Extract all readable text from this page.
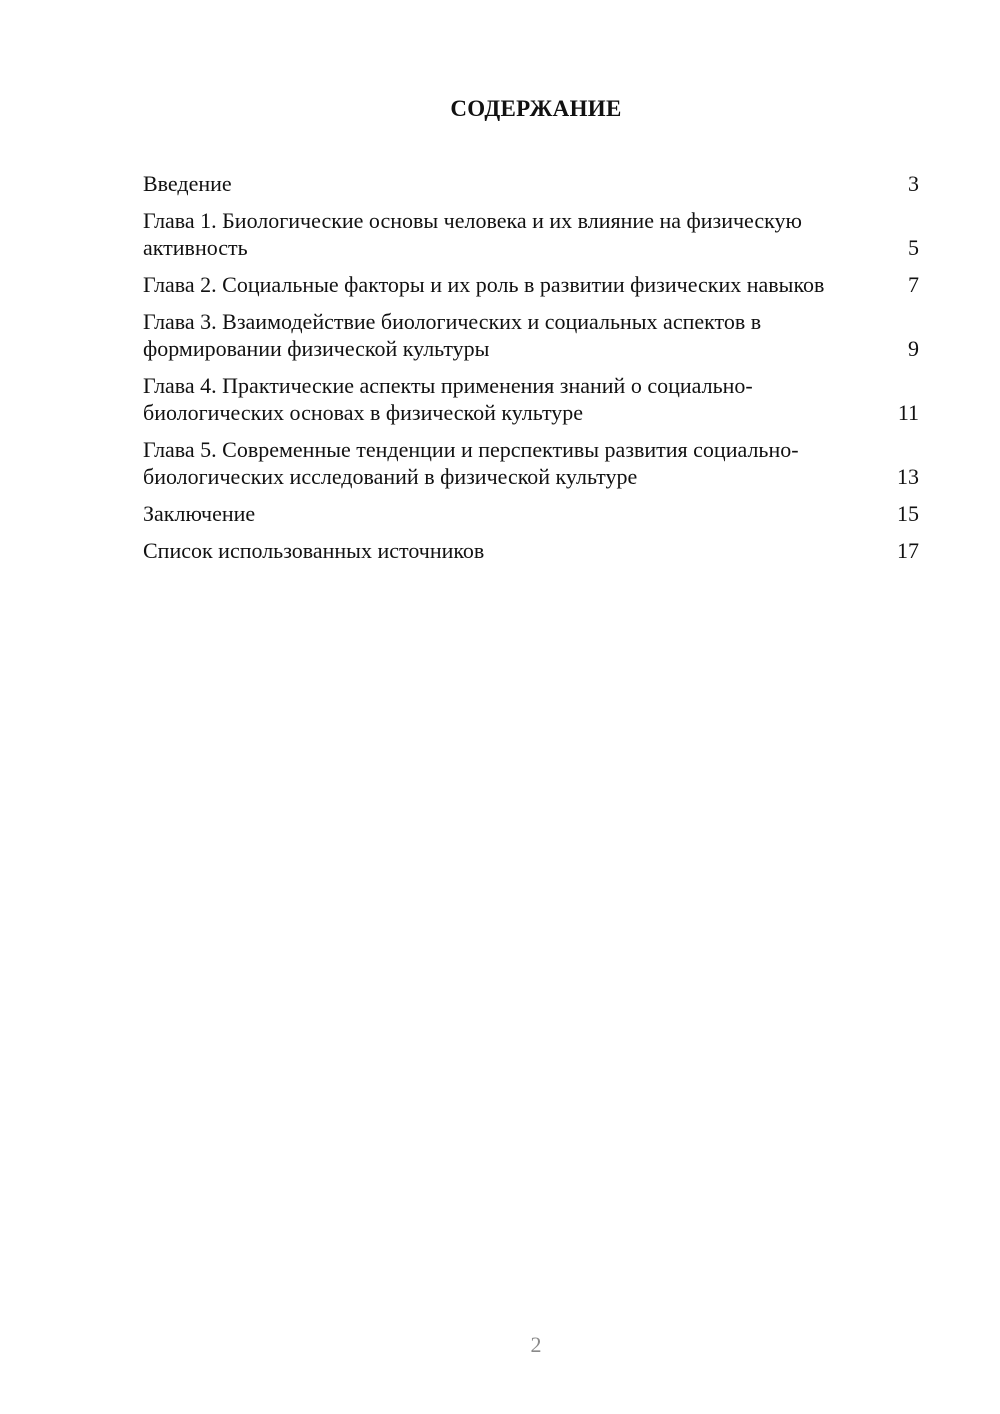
СОДЕРЖАНИЕ
Введение	3
Глава 1. Биологические основы человека и их влияние на физическую активность	5
Глава 2. Социальные факторы и их роль в развитии физических навыков	7
Глава 3. Взаимодействие биологических и социальных аспектов в формировании физической культуры	9
Глава 4. Практические аспекты применения знаний о социально-биологических основах в физической культуре	11
Глава 5. Современные тенденции и перспективы развития социально-биологических исследований в физической культуре	13
Заключение	15
Список использованных источников	17
2
